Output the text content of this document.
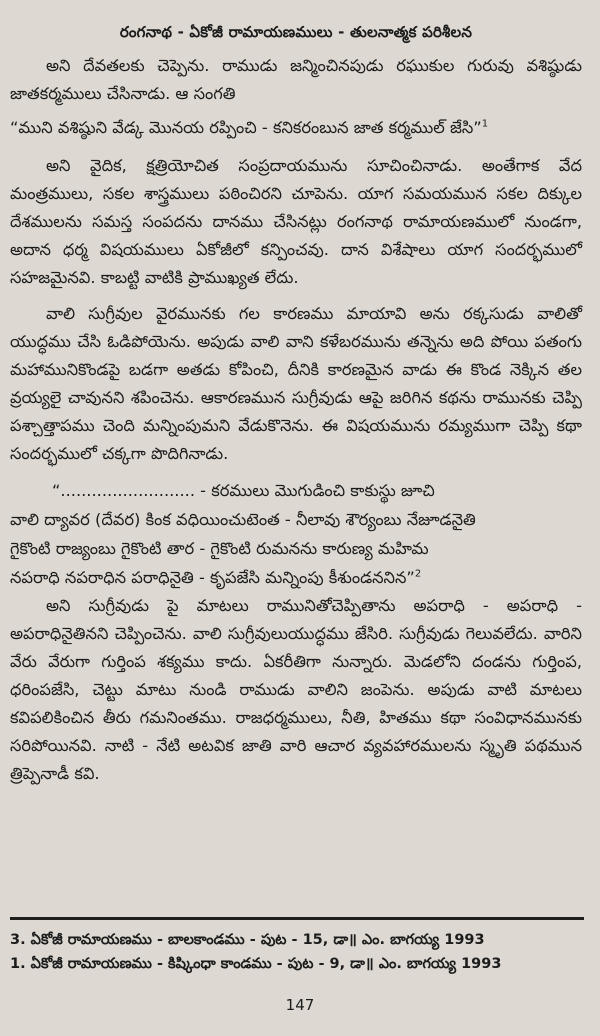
రంగనాథ - ఏకోజీ రామాయణములు - తులనాత్మక పరిశీలన

అని దేవతలకు చెప్పెను. రాముడు జన్మించినపుడు రఘుకుల గురువు వశిష్ఠుడు జాతకర్మములు చేసినాడు. ఆ సంగతి

“ముని వశిష్ఠుని వేడ్క మొనయ రప్పించి - కనికరంబున జాత కర్మముల్ జేసి”$^1$

అని వైదిక, క్షత్రియోచిత సంప్రదాయమును సూచించినాడు. అంతేగాక వేద మంత్రములు, సకల శాస్త్రములు పఠించిరని చూపెను. యాగ సమయమున సకల దిక్కుల దేశములను సమస్త సంపదను దానము చేసినట్లు రంగనాథ రామాయణములో నుండగా, అదాన ధర్మ విషయములు ఏకోజీలో కన్పించవు. దాన విశేషాలు యాగ సందర్భములో సహజమైనవి. కాబట్టి వాటికి ప్రాముఖ్యత లేదు.

వాలి సుగ్రీవుల వైరమునకు గల కారణము మాయావి అను రక్కసుడు వాలితో యుద్ధము చేసి ఓడిపోయెను. అపుడు వాలి వాని కళేబరమును తన్నెను అది పోయి పతంగు మహామునికొండపై బడగా అతడు కోపించి, దీనికి కారణమైన వాడు ఈ కొండ నెక్కిన తల వ్రయ్యలై చావునని శపించెను. ఆకారణమున సుగ్రీవుడు ఆపై జరిగిన కథను రామునకు చెప్పి పశ్చాత్తాపము చెంది మన్నింపుమని వేడుకొనెను. ఈ విషయమును రమ్యముగా చెప్పి కథా సందర్భములో చక్కగా పొదిగినాడు.

“.......................... - కరములు మొగుడించి కాకుస్థు జూచి

వాలి ద్యావర (దేవర) కింక వధియించుటెంత - నీలావు శౌర్యంబు నేజూడనైతి

గైకొంటి రాజ్యంబు గైకొంటి తార - గైకొంటి రుమనను కారుణ్య మహిమ

నపరాధి నపరాధిన పరాధినైతి - కృపజేసి మన్నింపు కీశుండననిన”$^2$

అని సుగ్రీవుడు పై మాటలు రామునితోచెప్పితాను అపరాధి - అపరాధి - అపరాధినైతినని చెప్పించెను. వాలి సుగ్రీవులుయుద్ధము జేసిరి. సుగ్రీవుడు గెలువలేదు. వారిని వేరు వేరుగా గుర్తింప శక్యము కాదు. ఏకరీతిగా నున్నారు. మెడలోని దండను గుర్తింప, ధరింపజేసి, చెట్టు మాటు నుండి రాముడు వాలిని జంపెను. అపుడు వాటి మాటలు కవిపలికించిన తీరు గమనింతము. రాజధర్మములు, నీతి, హితము కథా సంవిధానమునకు సరిపోయినవి. నాటి - నేటి అటవిక జాతి వారి ఆచార వ్యవహారములను స్మృతి పథమున త్రిప్పెనాడీ కవి.

3. ఏకోజీ రామాయణము - బాలకాండము - పుట - 15, డా॥ ఎం. బాగయ్య 1993

1. ఏకోజీ రామాయణము - కిష్కింధా కాండము - పుట - 9, డా॥ ఎం. బాగయ్య 1993

147
